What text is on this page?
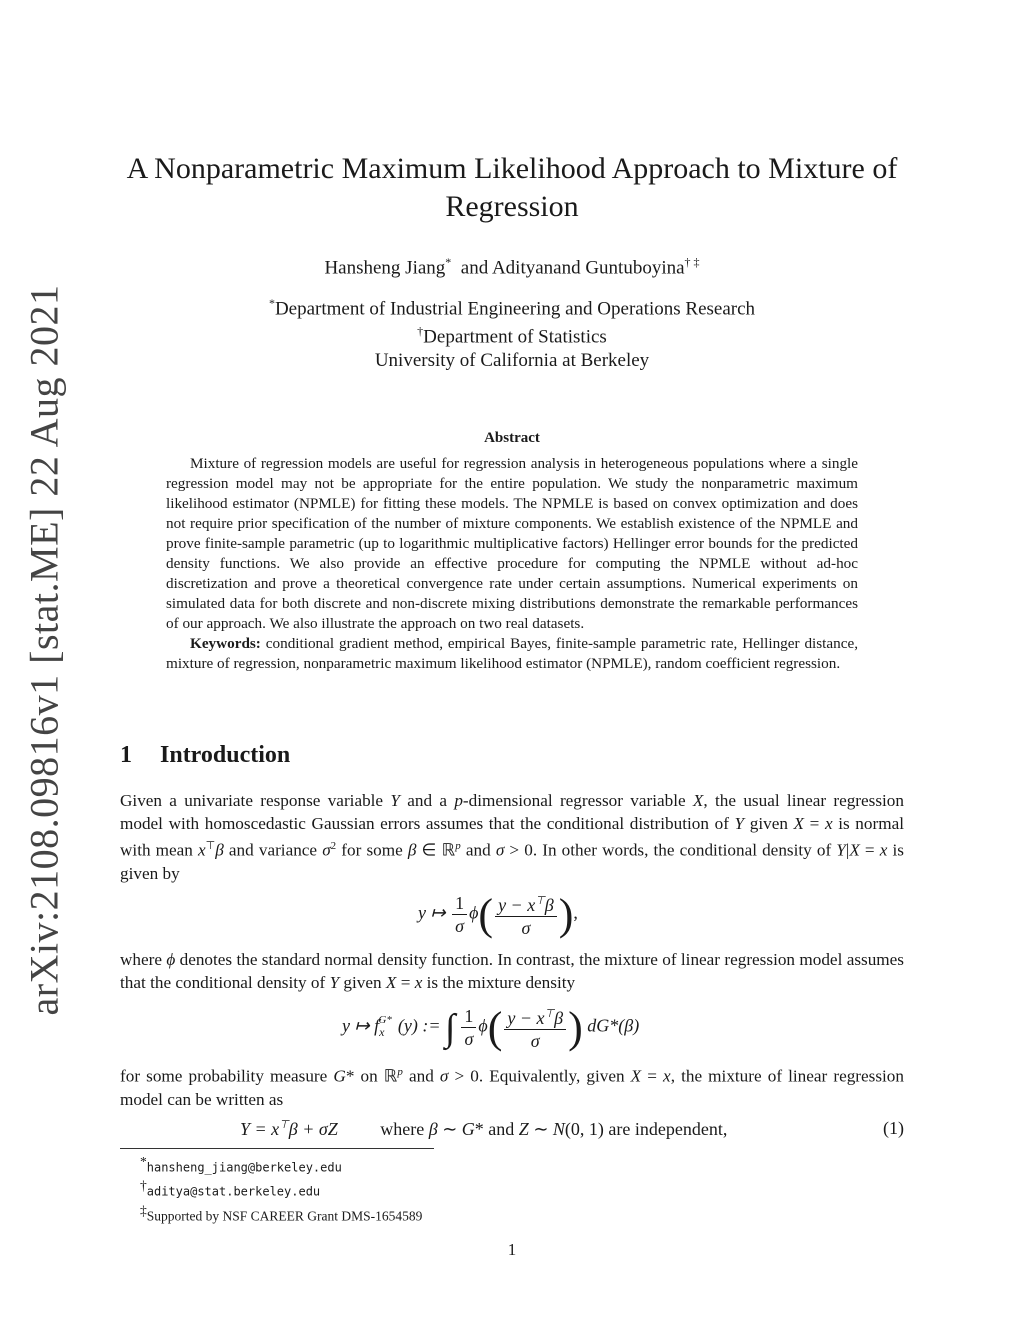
arXiv:2108.09816v1 [stat.ME] 22 Aug 2021
A Nonparametric Maximum Likelihood Approach to Mixture of Regression
Hansheng Jiang* and Adityanand Guntuboyina† ‡
*Department of Industrial Engineering and Operations Research
†Department of Statistics
University of California at Berkeley
Abstract

Mixture of regression models are useful for regression analysis in heterogeneous populations where a single regression model may not be appropriate for the entire population. We study the nonparametric maximum likelihood estimator (NPMLE) for fitting these models. The NPMLE is based on convex optimization and does not require prior specification of the number of mixture components. We establish existence of the NPMLE and prove finite-sample parametric (up to logarithmic multiplicative factors) Hellinger error bounds for the predicted density functions. We also provide an effective procedure for computing the NPMLE without ad-hoc discretization and prove a theoretical convergence rate under certain assumptions. Numerical experiments on simulated data for both discrete and non-discrete mixing distributions demonstrate the remarkable performances of our approach. We also illustrate the approach on two real datasets.

Keywords: conditional gradient method, empirical Bayes, finite-sample parametric rate, Hellinger distance, mixture of regression, nonparametric maximum likelihood estimator (NPMLE), random coefficient regression.

1 Introduction

Given a univariate response variable Y and a p-dimensional regressor variable X, the usual linear regression model with homoscedastic Gaussian errors assumes that the conditional distribution of Y given X = x is normal with mean x⊤β and variance $\sigma^2$ for some β ∈ ℝ$^p$ and σ > 0. In other words, the conditional density of Y|X = x is given by

y ↦ $\frac{1}{\sigma} \phi( \frac{y - x^⊤\beta}{\sigma}$ ),

where ϕ denotes the standard normal density function. In contrast, the mixture of linear regression model assumes that the conditional density of Y given X = x is the mixture density

y ↦ $f_x^{G*}$ (y) := ∫ $\frac{1}{\sigma} \phi( \frac{y - x^⊤\beta}{\sigma}$ ) dG*(β)

for some probability measure G* on ℝ$^p$ and σ > 0. Equivalently, given X = x, the mixture of linear regression model can be written as

Y = x⊤β + σZ where β ∼ G* and Z ∼ N(0, 1) are independent,	(1)
*hansheng_jiang@berkeley.edu
†aditya@stat.berkeley.edu
‡Supported by NSF CAREER Grant DMS-1654589
1
